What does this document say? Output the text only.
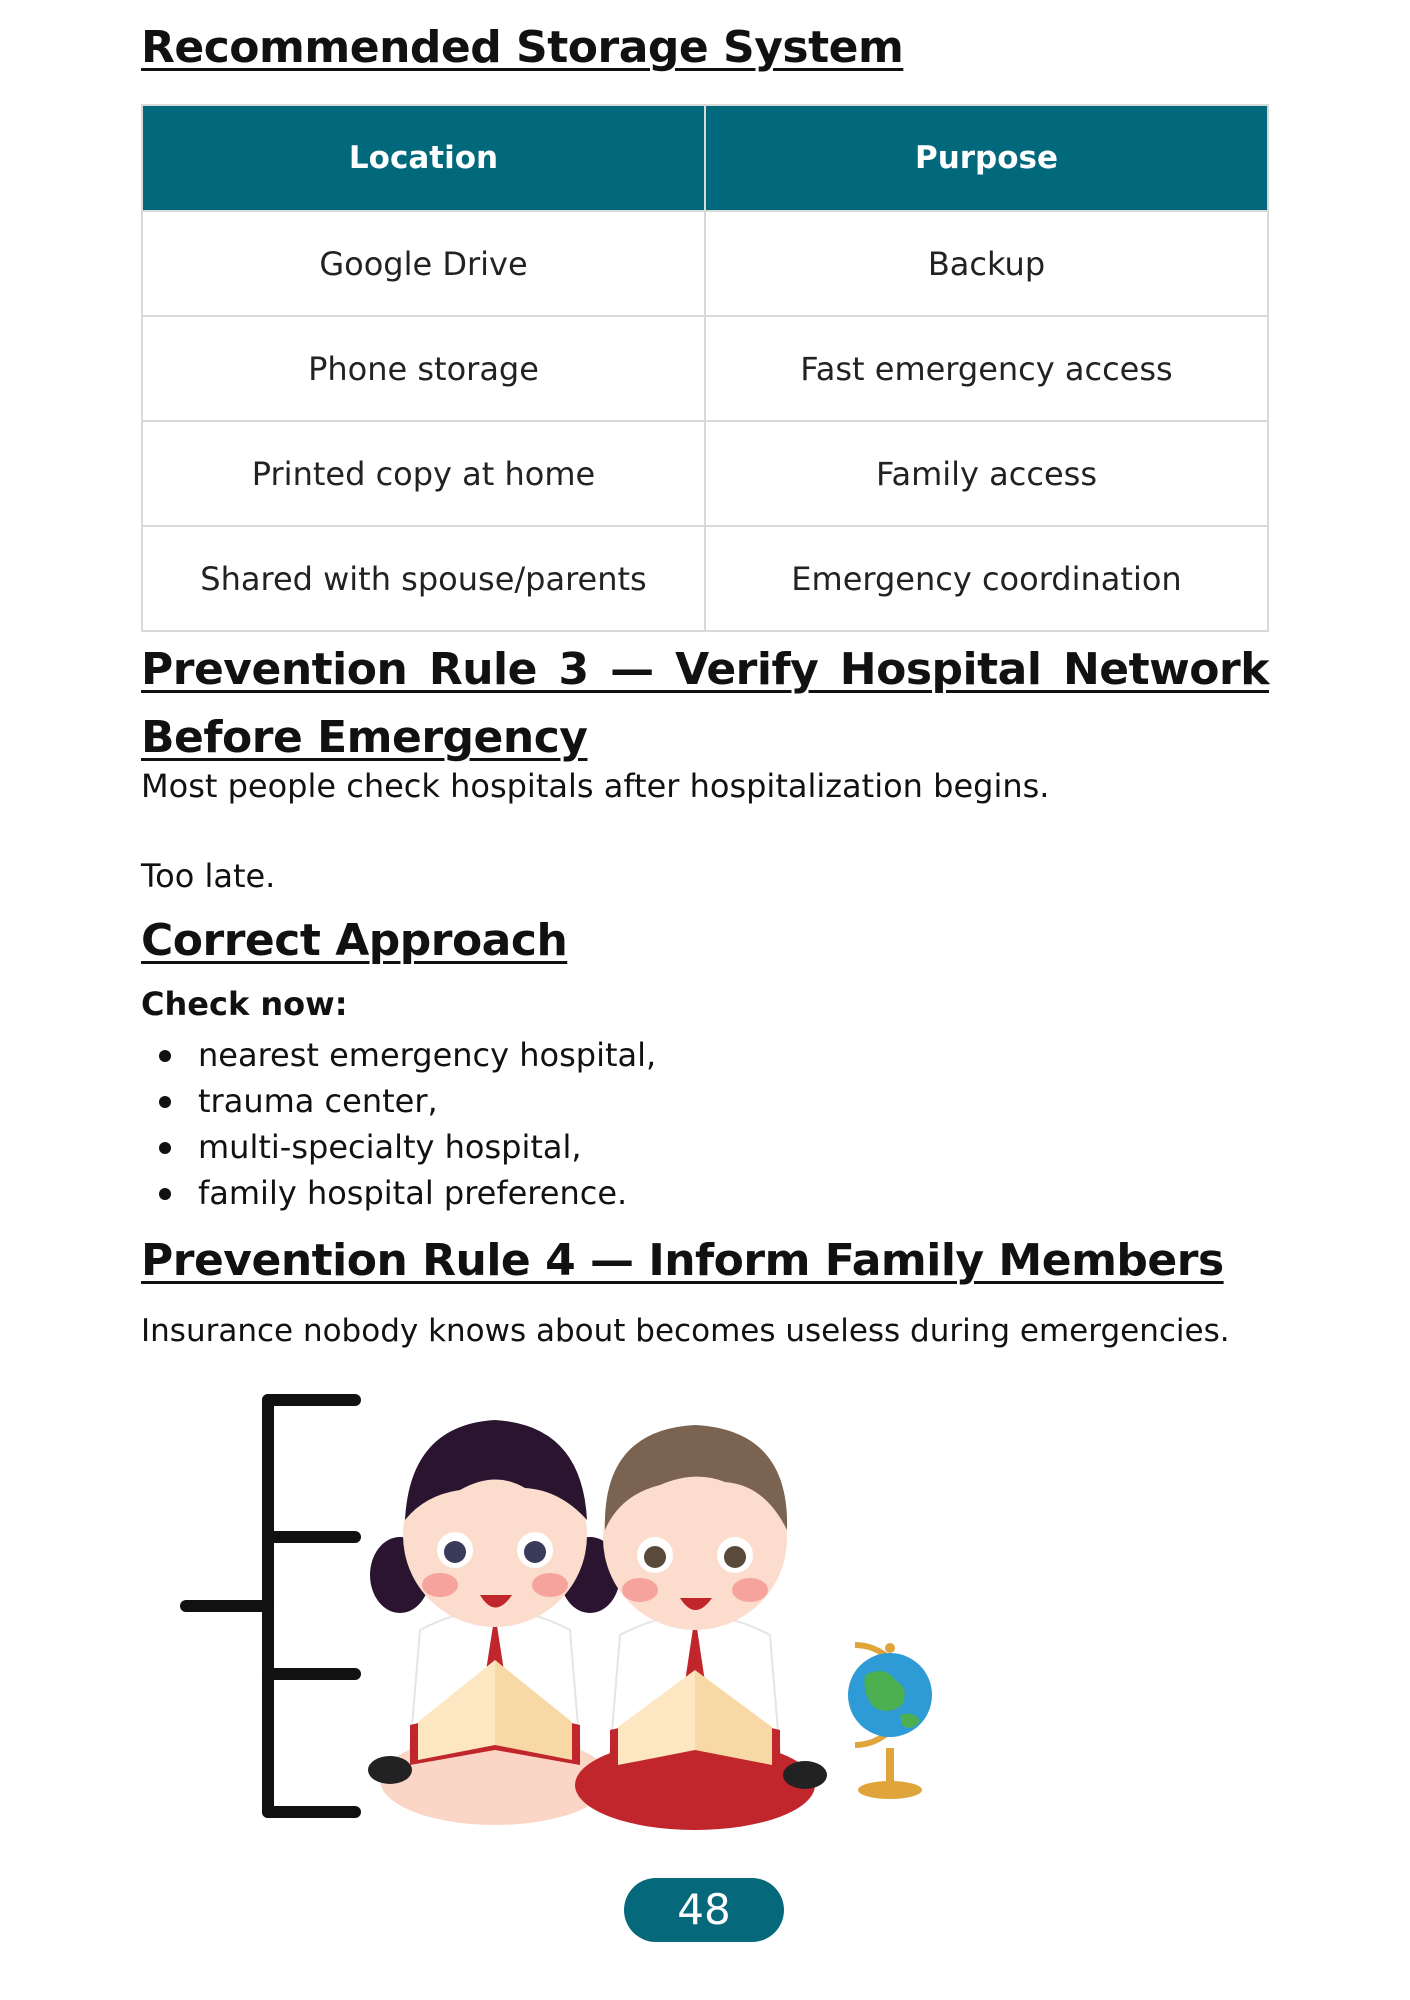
Recommended Storage System
Location	Purpose
Google Drive	Backup
Phone storage	Fast emergency access
Printed copy at home	Family access
Shared with spouse/parents	Emergency coordination
Prevention Rule 3 — Verify Hospital Network Before Emergency

Most people check hospitals after hospitalization begins.

Too late.

Correct Approach

Check now:

nearest emergency hospital,
trauma center,
multi-specialty hospital,
family hospital preference.
Prevention Rule 4 — Inform Family Members

Insurance nobody knows about becomes useless during emergencies.

48
